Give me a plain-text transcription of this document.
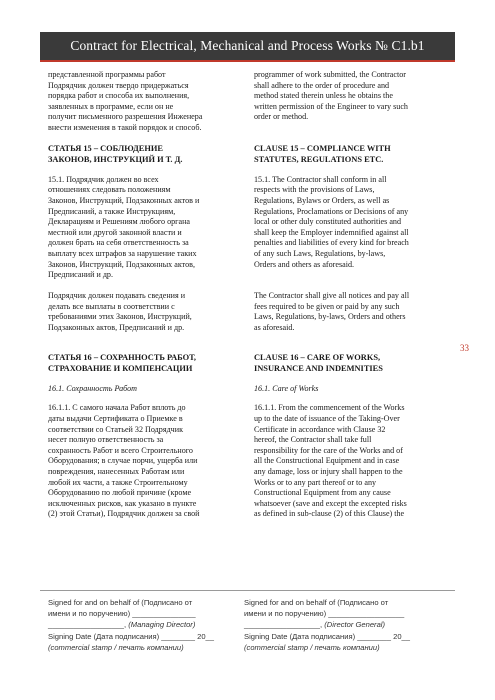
Contract for Electrical, Mechanical and Process Works № C1.b1

представленной программы работ

Подрядчик должен твердо придержаться

порядка работ и способа их выполнения,

заявленных в программе, если он не

получит письменного разрешения Инженера

внести изменения в такой порядок и способ.

СТАТЬЯ 15 – СОБЛЮДЕНИЕ

ЗАКОНОВ, ИНСТРУКЦИЙ И Т. Д.

15.1. Подрядчик должен во всех

отношениях следовать положениям

Законов, Инструкций, Подзаконных актов и

Предписаний, а также Инструкциям,

Декларациям и Решениям любого органа

местной или другой законной власти и

должен брать на себя ответственность за

выплату всех штрафов за нарушение таких

Законов, Инструкций, Подзаконных актов,

Предписаний и др.

Подрядчик должен подавать сведения и

делать все выплаты в соответствии с

требованиями этих Законов, Инструкций,

Подзаконных актов, Предписаний и др.

СТАТЬЯ 16 – СОХРАННОСТЬ РАБОТ,

СТРАХОВАНИЕ И КОМПЕНСАЦИИ

16.1. Сохранность Работ

16.1.1. С самого начала Работ вплоть до

даты выдачи Сертификата о Приемке в

соответствии со Статьей 32 Подрядчик

несет полную ответственность за

сохранность Работ и всего Строительного

Оборудования; в случае порчи, ущерба или

повреждения, нанесенных Работам или

любой их части, а также Строительному

Оборудованию по любой причине (кроме

исключенных рисков, как указано в пункте

(2) этой Статьи), Подрядчик должен за свой

programmer of work submitted, the Contractor

shall adhere to the order of procedure and

method stated therein unless he obtains the

written permission of the Engineer to vary such

order or method.

CLAUSE 15 – COMPLIANCE WITH

STATUTES, REGULATIONS ETC.

15.1. The Contractor shall conform in all

respects with the provisions of Laws,

Regulations, Bylaws or Orders, as well as

Regulations, Proclamations or Decisions of any

local or other duly constituted authorities and

shall keep the Employer indemnified against all

penalties and liabilities of every kind for breach

of any such Laws, Regulations, by-laws,

Orders and others as aforesaid.

The Contractor shall give all notices and pay all

fees required to be given or paid by any such

Laws, Regulations, by-laws, Orders and others

as aforesaid.

CLAUSE 16 – CARE OF WORKS,

INSURANCE AND INDEMNITIES

16.1. Care of Works

16.1.1. From the commencement of the Works

up to the date of issuance of the Taking-Over

Certificate in accordance with Clause 32

hereof, the Contractor shall take full

responsibility for the care of the Works and of

all the Constructional Equipment and in case

any damage, loss or injury shall happen to the

Works or to any part thereof or to any

Constructional Equipment from any cause

whatsoever (save and except the excepted risks

as defined in sub-clause (2) of this Clause) the

33

Signed for and on behalf of (Подписано от

имени и по поручению) _______________

__________________, (Managing Director)

Signing Date (Дата подписания) ________ 20__

(commercial stamp / печать компании)

Signed for and on behalf of (Подписано от

имени и по поручению) __________________

__________________, (Director General)

Signing Date (Дата подписания) ________ 20__

(commercial stamp / печать компании)
